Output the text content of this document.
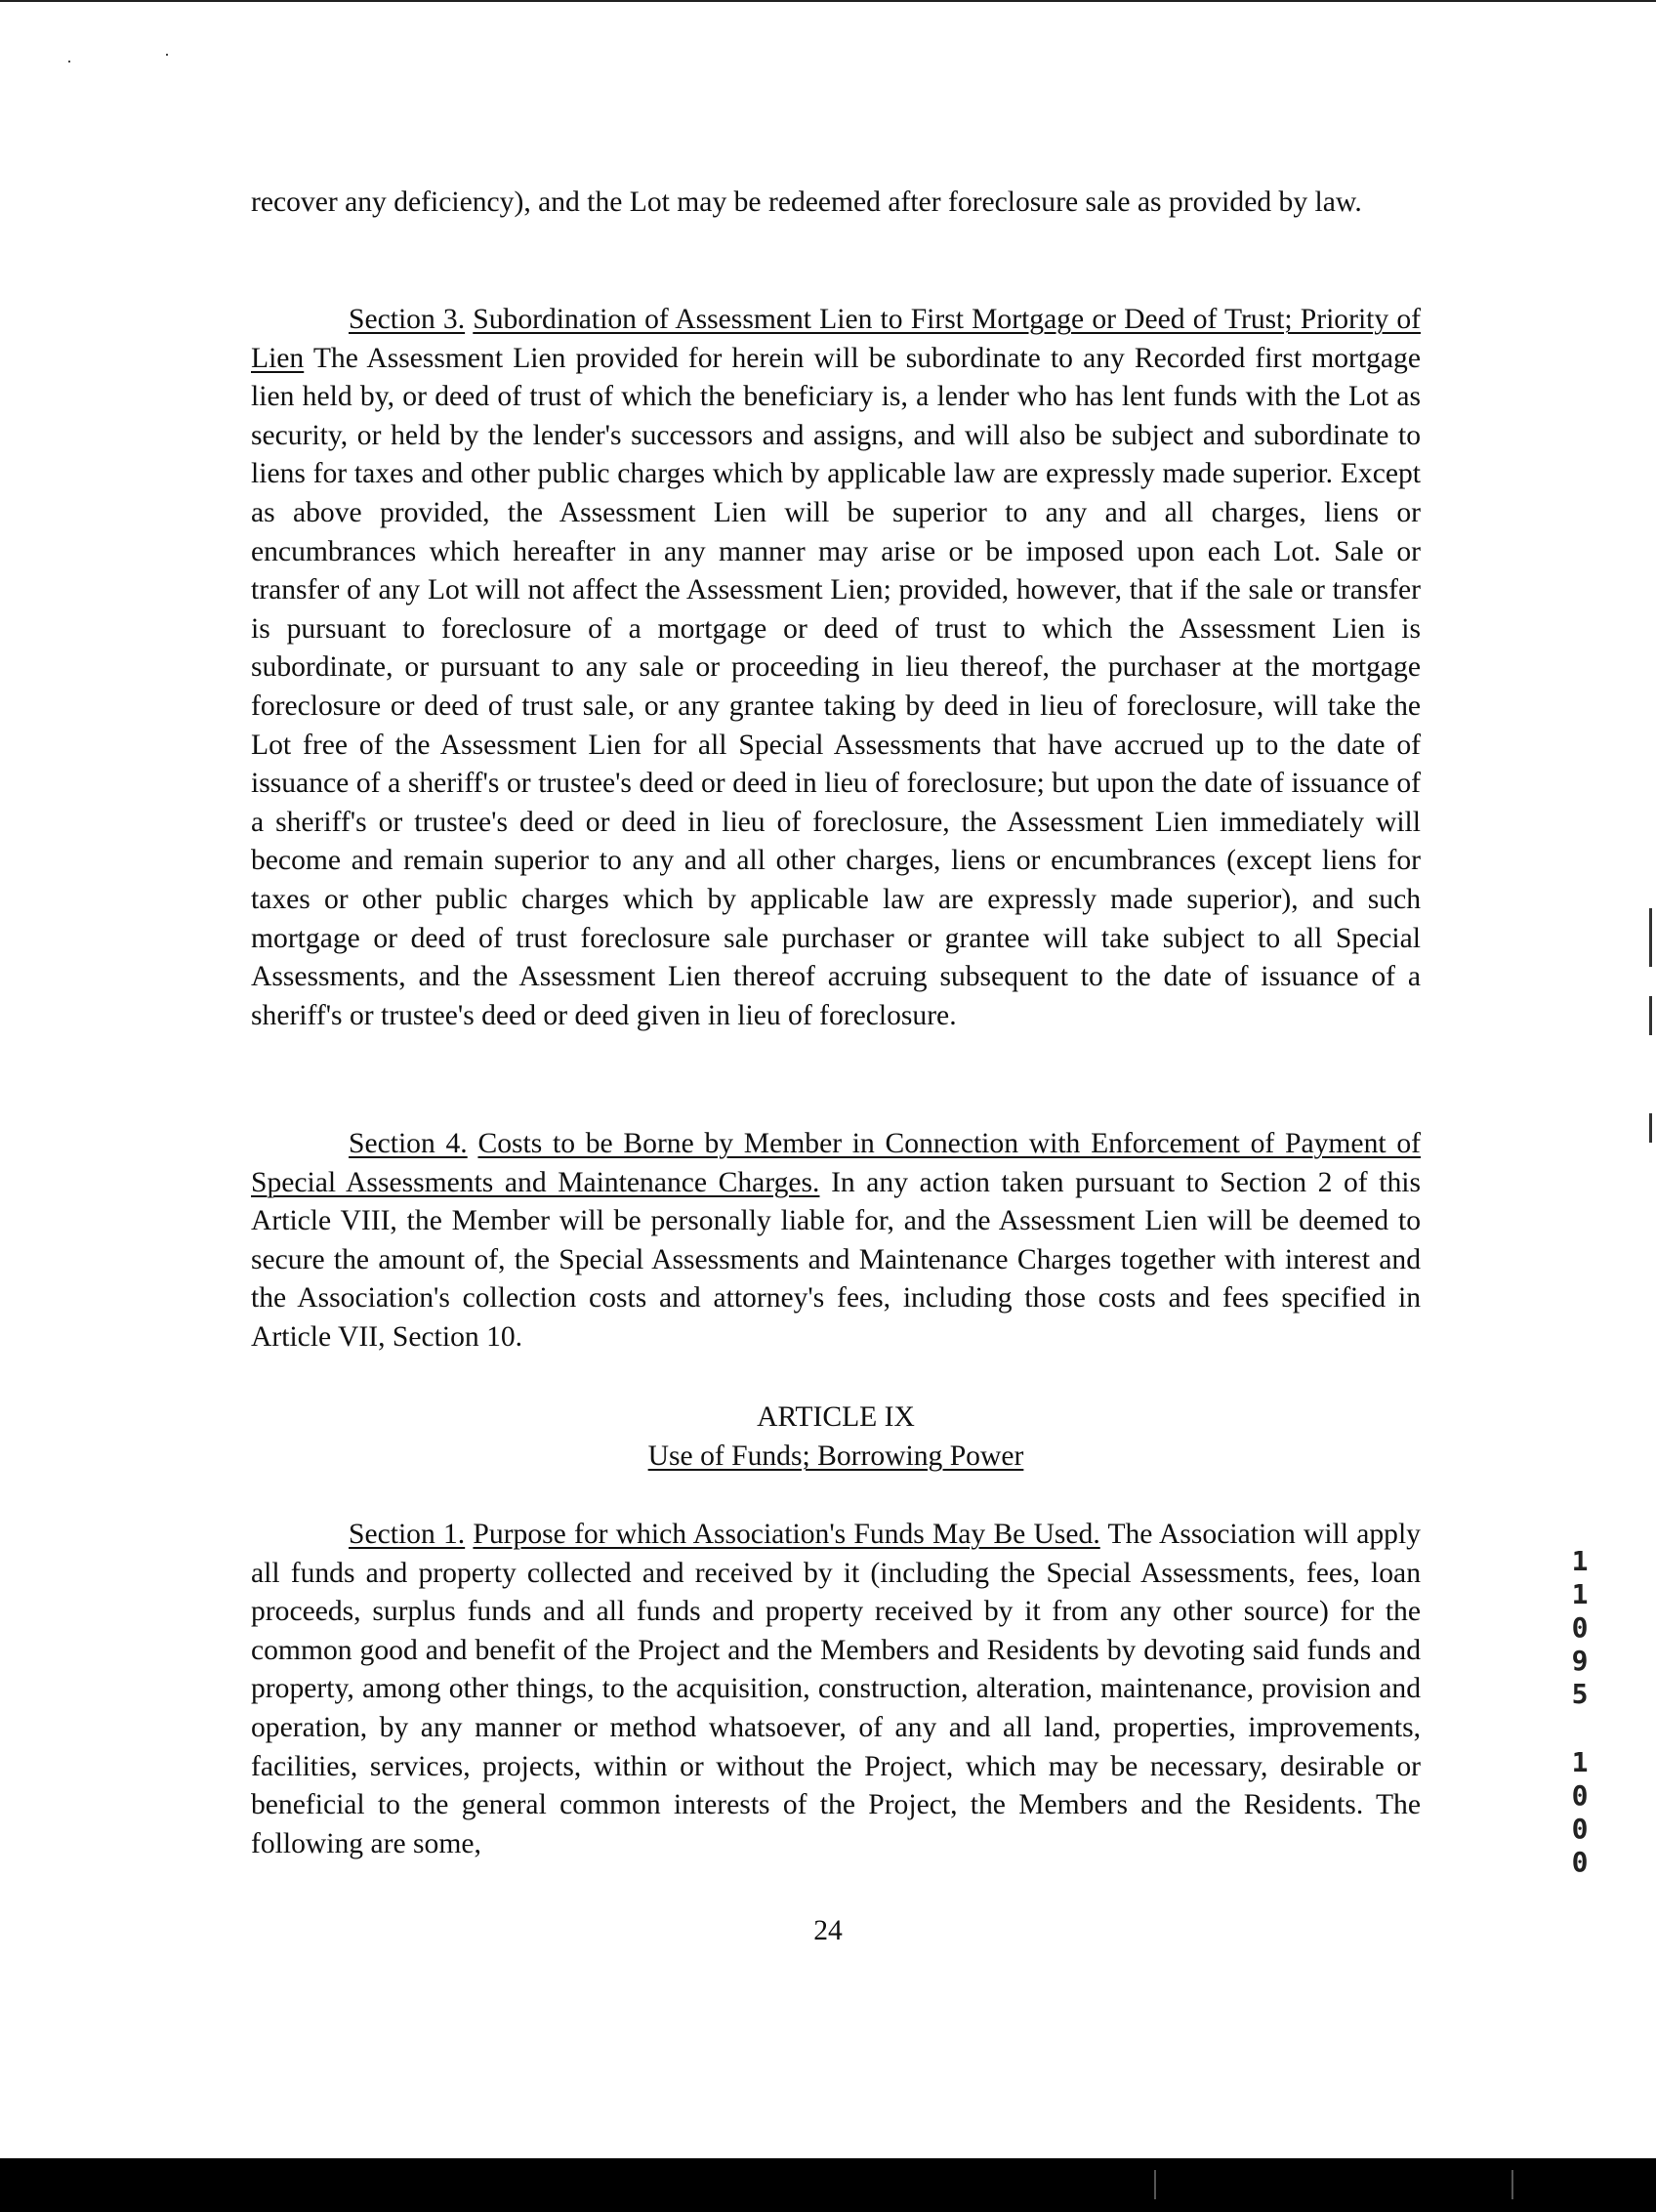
recover any deficiency), and the Lot may be redeemed after foreclosure sale as provided by law.

Section 3. Subordination of Assessment Lien to First Mortgage or Deed of Trust; Priority of Lien The Assessment Lien provided for herein will be subordinate to any Recorded first mortgage lien held by, or deed of trust of which the beneficiary is, a lender who has lent funds with the Lot as security, or held by the lender's successors and assigns, and will also be subject and subordinate to liens for taxes and other public charges which by applicable law are expressly made superior. Except as above provided, the Assessment Lien will be superior to any and all charges, liens or encumbrances which hereafter in any manner may arise or be imposed upon each Lot. Sale or transfer of any Lot will not affect the Assessment Lien; provided, however, that if the sale or transfer is pursuant to foreclosure of a mortgage or deed of trust to which the Assessment Lien is subordinate, or pursuant to any sale or proceeding in lieu thereof, the purchaser at the mortgage foreclosure or deed of trust sale, or any grantee taking by deed in lieu of foreclosure, will take the Lot free of the Assessment Lien for all Special Assessments that have accrued up to the date of issuance of a sheriff's or trustee's deed or deed in lieu of foreclosure; but upon the date of issuance of a sheriff's or trustee's deed or deed in lieu of foreclosure, the Assessment Lien immediately will become and remain superior to any and all other charges, liens or encumbrances (except liens for taxes or other public charges which by applicable law are expressly made superior), and such mortgage or deed of trust foreclosure sale purchaser or grantee will take subject to all Special Assessments, and the Assessment Lien thereof accruing subsequent to the date of issuance of a sheriff's or trustee's deed or deed given in lieu of foreclosure.

Section 4. Costs to be Borne by Member in Connection with Enforcement of Payment of Special Assessments and Maintenance Charges. In any action taken pursuant to Section 2 of this Article VIII, the Member will be personally liable for, and the Assessment Lien will be deemed to secure the amount of, the Special Assessments and Maintenance Charges together with interest and the Association's collection costs and attorney's fees, including those costs and fees specified in Article VII, Section 10.

ARTICLE IX

Use of Funds; Borrowing Power

Section 1. Purpose for which Association's Funds May Be Used. The Association will apply all funds and property collected and received by it (including the Special Assessments, fees, loan proceeds, surplus funds and all funds and property received by it from any other source) for the common good and benefit of the Project and the Members and Residents by devoting said funds and property, among other things, to the acquisition, construction, alteration, maintenance, provision and operation, by any manner or method whatsoever, of any and all land, properties, improvements, facilities, services, projects, within or without the Project, which may be necessary, desirable or beneficial to the general common interests of the Project, the Members and the Residents. The following are some,

24
1
1
0
9
5
1
0
0
0
